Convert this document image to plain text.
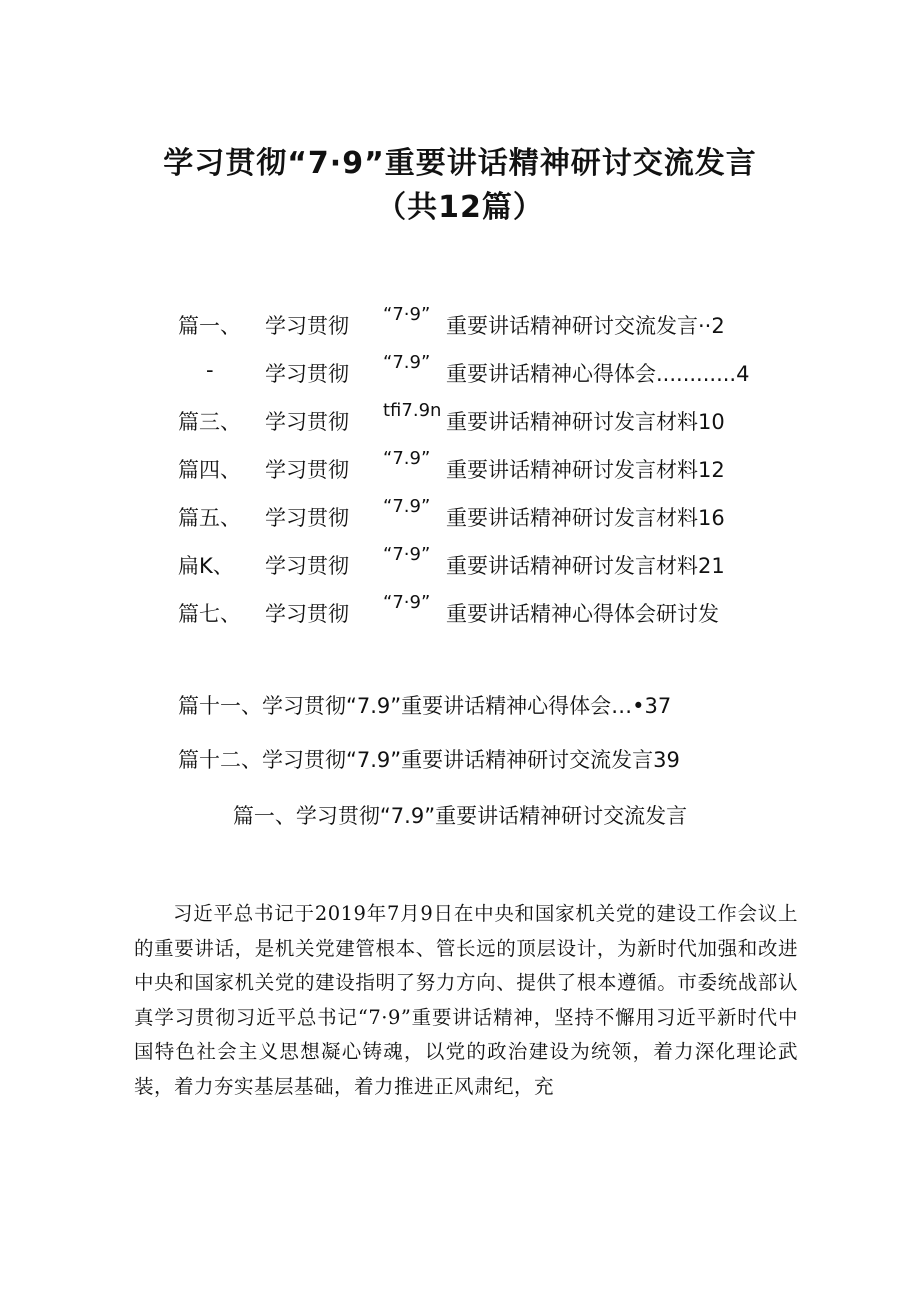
学习贯彻“7·9”重要讲话精神研讨交流发言
（共12篇）
篇一、 学习贯彻 “7·9” 重要讲话精神研讨交流发言··2
- 学习贯彻 “7.9” 重要讲话精神心得体会............4
篇三、 学习贯彻 tfi7.9n 重要讲话精神研讨发言材料10
篇四、 学习贯彻 “7.9” 重要讲话精神研讨发言材料12
篇五、 学习贯彻 “7.9” 重要讲话精神研讨发言材料16
扁K、 学习贯彻 “7·9” 重要讲话精神研讨发言材料21
篇七、 学习贯彻 “7·9” 重要讲话精神心得体会研讨发
篇十一、学习贯彻“7.9”重要讲话精神心得体会…•37
篇十二、学习贯彻“7.9”重要讲话精神研讨交流发言39
篇一、学习贯彻“7.9”重要讲话精神研讨交流发言

习近平总书记于2019年7月9日在中央和国家机关党的建设工作会议上的重要讲话，是机关党建管根本、管长远的顶层设计，为新时代加强和改进中央和国家机关党的建设指明了努力方向、提供了根本遵循。市委统战部认真学习贯彻习近平总书记“7·9”重要讲话精神，坚持不懈用习近平新时代中国特色社会主义思想凝心铸魂，以党的政治建设为统领，着力深化理论武装，着力夯实基层基础，着力推进正风肃纪，充
